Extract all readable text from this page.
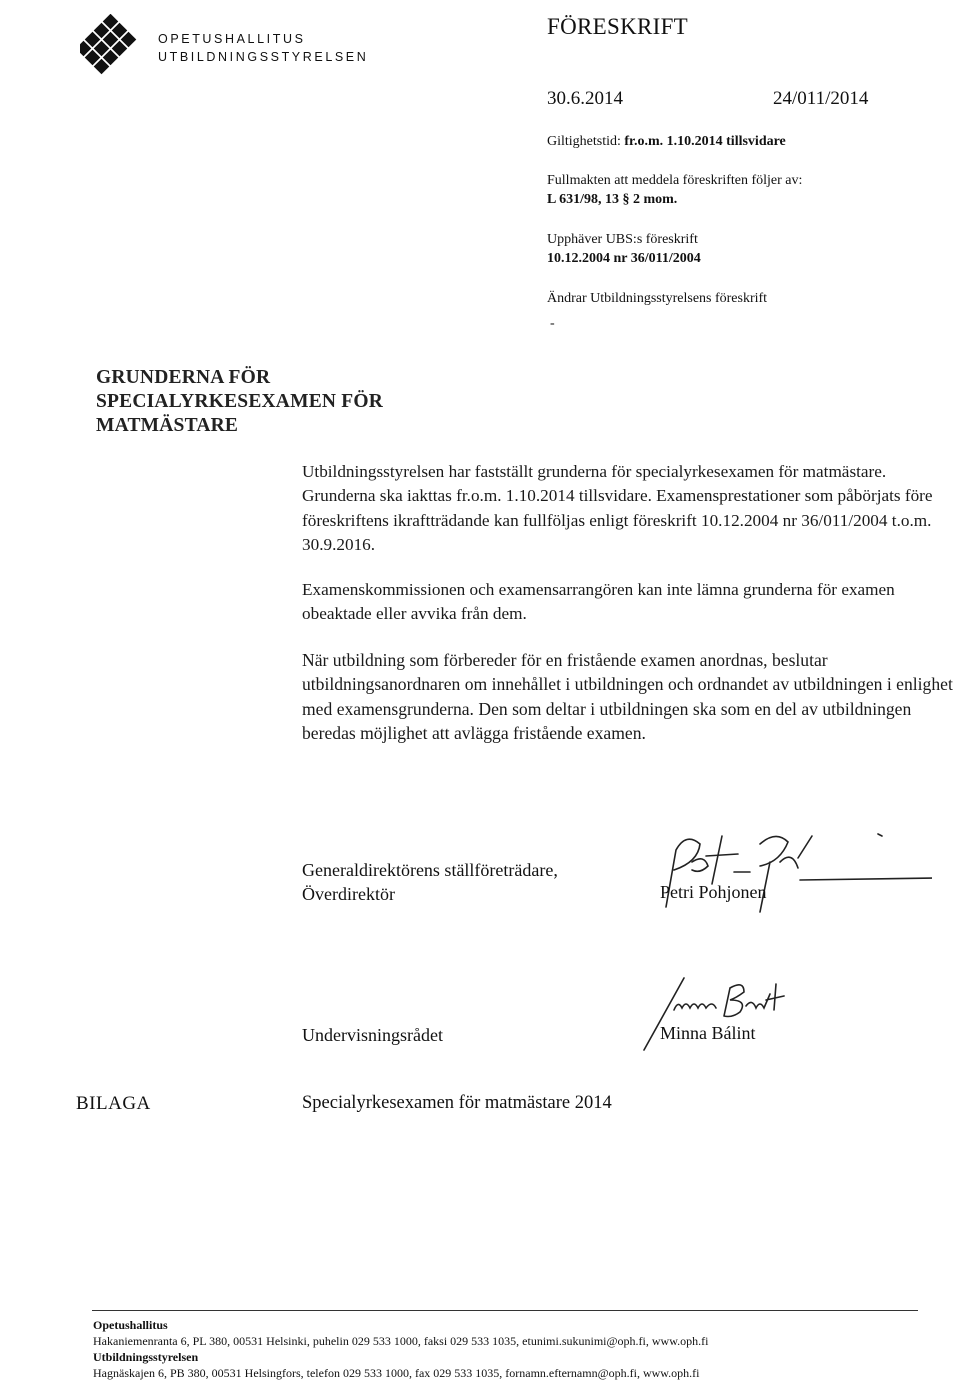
OPETUSHALLITUS
UTBILDNINGSSTYRELSEN
FÖRESKRIFT
30.6.2014	24/011/2014
Giltighetstid: fr.o.m. 1.10.2014 tillsvidare
Fullmakten att meddela föreskriften följer av:
L 631/98, 13 § 2 mom.
Upphäver UBS:s föreskrift
10.12.2004 nr 36/011/2004
Ändrar Utbildningsstyrelsens föreskrift
-
GRUNDERNA FÖR
SPECIALYRKESEXAMEN FÖR
MATMÄSTARE
Utbildningsstyrelsen har fastställt grunderna för specialyrkesexamen för matmästare. Grunderna ska iakttas fr.o.m. 1.10.2014 tillsvidare. Examensprestationer som påbörjats före föreskriftens ikraftträdande kan fullföljas enligt föreskrift 10.12.2004 nr 36/011/2004 t.o.m. 30.9.2016.
Examenskommissionen och examensarrangören kan inte lämna grunderna för examen obeaktade eller avvika från dem.
När utbildning som förbereder för en fristående examen anordnas, beslutar utbildningsanordnaren om innehållet i utbildningen och ordnandet av utbildningen i enlighet med examensgrunderna. Den som deltar i utbildningen ska som en del av utbildningen beredas möjlighet att avlägga fristående examen.
Generaldirektörens ställföreträdare,
Överdirektör	Petri Pohjonen
Undervisningsrådet	Minna Bálint
BILAGA	Specialyrkesexamen för matmästare 2014
Opetushallitus
Hakaniemenranta 6, PL 380, 00531 Helsinki, puhelin 029 533 1000, faksi 029 533 1035, etunimi.sukunimi@oph.fi, www.oph.fi
Utbildningsstyrelsen
Hagnäskajen 6, PB 380, 00531 Helsingfors, telefon 029 533 1000, fax 029 533 1035, fornamn.efternamn@oph.fi, www.oph.fi
